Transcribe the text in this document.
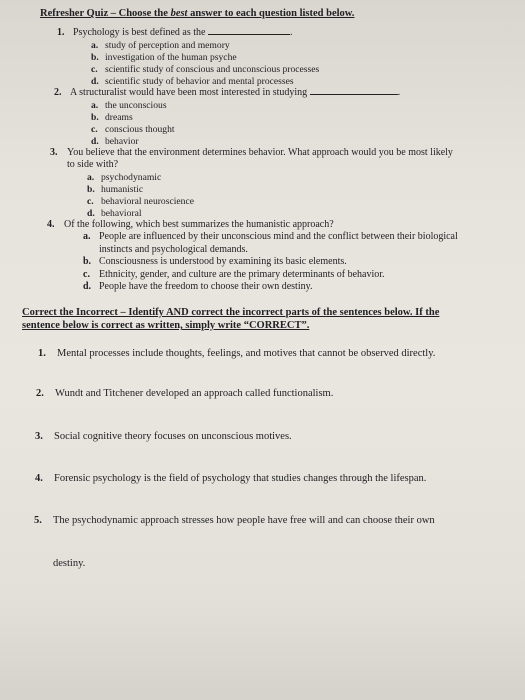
Refresher Quiz – Choose the best answer to each question listed below.
1. Psychology is best defined as the	.
a. study of perception and memory
b. investigation of the human psyche
c. scientific study of conscious and unconscious processes
d. scientific study of behavior and mental processes
2. A structuralist would have been most interested in studying	.
a. the unconscious
b. dreams
c. conscious thought
d. behavior
3. You believe that the environment determines behavior. What approach would you be most likely
to side with?
a. psychodynamic
b. humanistic
c. behavioral neuroscience
d. behavioral
4. Of the following, which best summarizes the humanistic approach?
a. People are influenced by their unconscious mind and the conflict between their biological
instincts and psychological demands.
b. Consciousness is understood by examining its basic elements.
c. Ethnicity, gender, and culture are the primary determinants of behavior.
d. People have the freedom to choose their own destiny.
Correct the Incorrect – Identify AND correct the incorrect parts of the sentences below. If the
sentence below is correct as written, simply write “CORRECT”.
1. Mental processes include thoughts, feelings, and motives that cannot be observed directly.
2. Wundt and Titchener developed an approach called functionalism.
3. Social cognitive theory focuses on unconscious motives.
4. Forensic psychology is the field of psychology that studies changes through the lifespan.
5. The psychodynamic approach stresses how people have free will and can choose their own
destiny.
